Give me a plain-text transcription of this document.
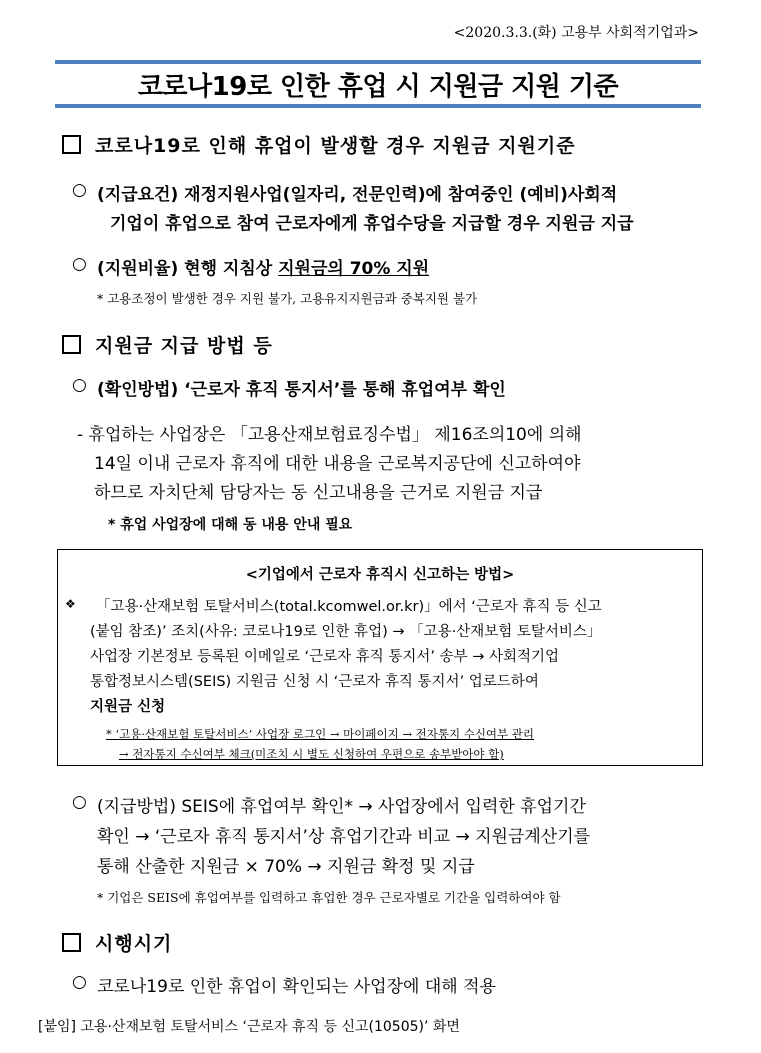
<2020.3.3.(화) 고용부 사회적기업과>
코로나19로 인한 휴업 시 지원금 지원 기준
코로나19로 인해 휴업이 발생할 경우 지원금 지원기준
○ (지급요건) 재정지원사업(일자리, 전문인력)에 참여중인 (예비)사회적
기업이 휴업으로 참여 근로자에게 휴업수당을 지급할 경우 지원금 지급
○ (지원비율) 현행 지침상 지원금의 70% 지원
* 고용조정이 발생한 경우 지원 불가, 고용유지지원금과 중복지원 불가
지원금 지급 방법 등
○ (확인방법) ‘근로자 휴직 통지서’를 통해 휴업여부 확인
- 휴업하는 사업장은 「고용산재보험료징수법」 제16조의10에 의해
14일 이내 근로자 휴직에 대한 내용을 근로복지공단에 신고하여야
하므로 자치단체 담당자는 동 신고내용을 근거로 지원금 지급
* 휴업 사업장에 대해 동 내용 안내 필요
<기업에서 근로자 휴직시 신고하는 방법>
❖ 「고용·산재보험 토탈서비스(total.kcomwel.or.kr)」에서 ‘근로자 휴직 등 신고
(붙임 참조)’ 조치(사유: 코로나19로 인한 휴업) → 「고용·산재보험 토탈서비스」
사업장 기본정보 등록된 이메일로 ‘근로자 휴직 통지서’ 송부 → 사회적기업
통합정보시스템(SEIS) 지원금 신청 시 ‘근로자 휴직 통지서’ 업로드하여
지원금 신청
* ‘고용·산재보험 토탈서비스’ 사업장 로그인 → 마이페이지 → 전자통지 수신여부 관리
→ 전자통지 수신여부 체크(미조치 시 별도 신청하여 우편으로 송부받아야 함)
○ (지급방법) SEIS에 휴업여부 확인* → 사업장에서 입력한 휴업기간
확인 → ‘근로자 휴직 통지서’상 휴업기간과 비교 → 지원금계산기를
통해 산출한 지원금 × 70% → 지원금 확정 및 지급
* 기업은 SEIS에 휴업여부를 입력하고 휴업한 경우 근로자별로 기간을 입력하여야 함
시행시기
○ 코로나19로 인한 휴업이 확인되는 사업장에 대해 적용
[붙임] 고용·산재보험 토탈서비스 ‘근로자 휴직 등 신고(10505)’ 화면
